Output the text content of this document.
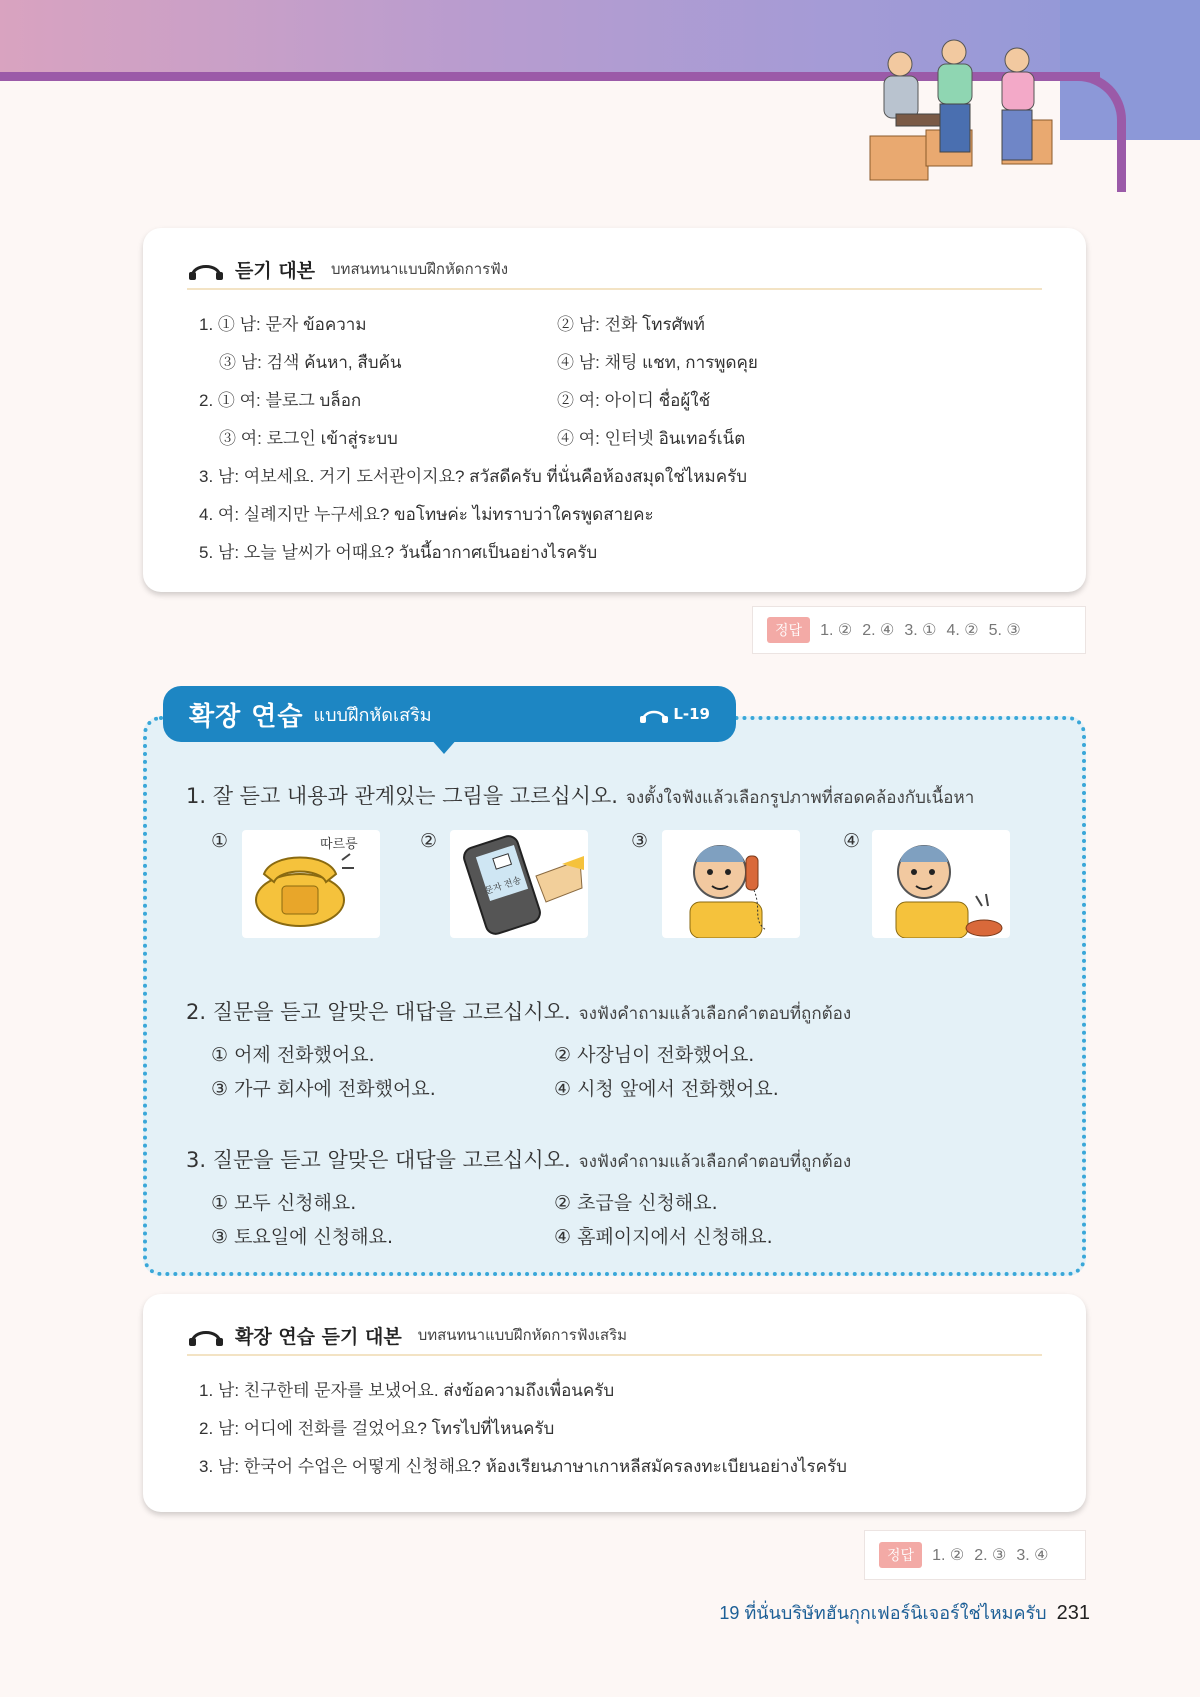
듣기 대본 บทสนทนาแบบฝึกหัดการฟัง
1. ① 남: 문자 ข้อความ	② 남: 전화 โทรศัพท์
③ 남: 검색 ค้นหา, สืบค้น	④ 남: 채팅 แชท, การพูดคุย
2. ① 여: 블로그 บล็อก	② 여: 아이디 ชื่อผู้ใช้
③ 여: 로그인 เข้าสู่ระบบ	④ 여: 인터넷 อินเทอร์เน็ต
3. 남: 여보세요. 거기 도서관이지요? สวัสดีครับ ที่นั่นคือห้องสมุดใช่ไหมครับ
4. 여: 실례지만 누구세요? ขอโทษค่ะ ไม่ทราบว่าใครพูดสายคะ
5. 남: 오늘 날씨가 어때요? วันนี้อากาศเป็นอย่างไรครับ
정답	1. ② 2. ④ 3. ① 4. ② 5. ③
확장 연습 แบบฝึกหัดเสริม	L-19
1. 잘 듣고 내용과 관계있는 그림을 고르십시오. จงตั้งใจฟังแล้วเลือกรูปภาพที่สอดคล้องกับเนื้อหา
①	따르릉	②
문자 전송
③	④
2. 질문을 듣고 알맞은 대답을 고르십시오. จงฟังคำถามแล้วเลือกคำตอบที่ถูกต้อง
① 어제 전화했어요.	② 사장님이 전화했어요.
③ 가구 회사에 전화했어요.	④ 시청 앞에서 전화했어요.
3. 질문을 듣고 알맞은 대답을 고르십시오. จงฟังคำถามแล้วเลือกคำตอบที่ถูกต้อง
① 모두 신청해요.	② 초급을 신청해요.
③ 토요일에 신청해요.	④ 홈페이지에서 신청해요.
확장 연습 듣기 대본 บทสนทนาแบบฝึกหัดการฟังเสริม
1. 남: 친구한테 문자를 보냈어요. ส่งข้อความถึงเพื่อนครับ
2. 남: 어디에 전화를 걸었어요? โทรไปที่ไหนครับ
3. 남: 한국어 수업은 어떻게 신청해요? ห้องเรียนภาษาเกาหลีสมัครลงทะเบียนอย่างไรครับ
정답	1. ② 2. ③ 3. ④
19 ที่นั่นบริษัทฮันกุกเฟอร์นิเจอร์ใช่ไหมครับ 231
